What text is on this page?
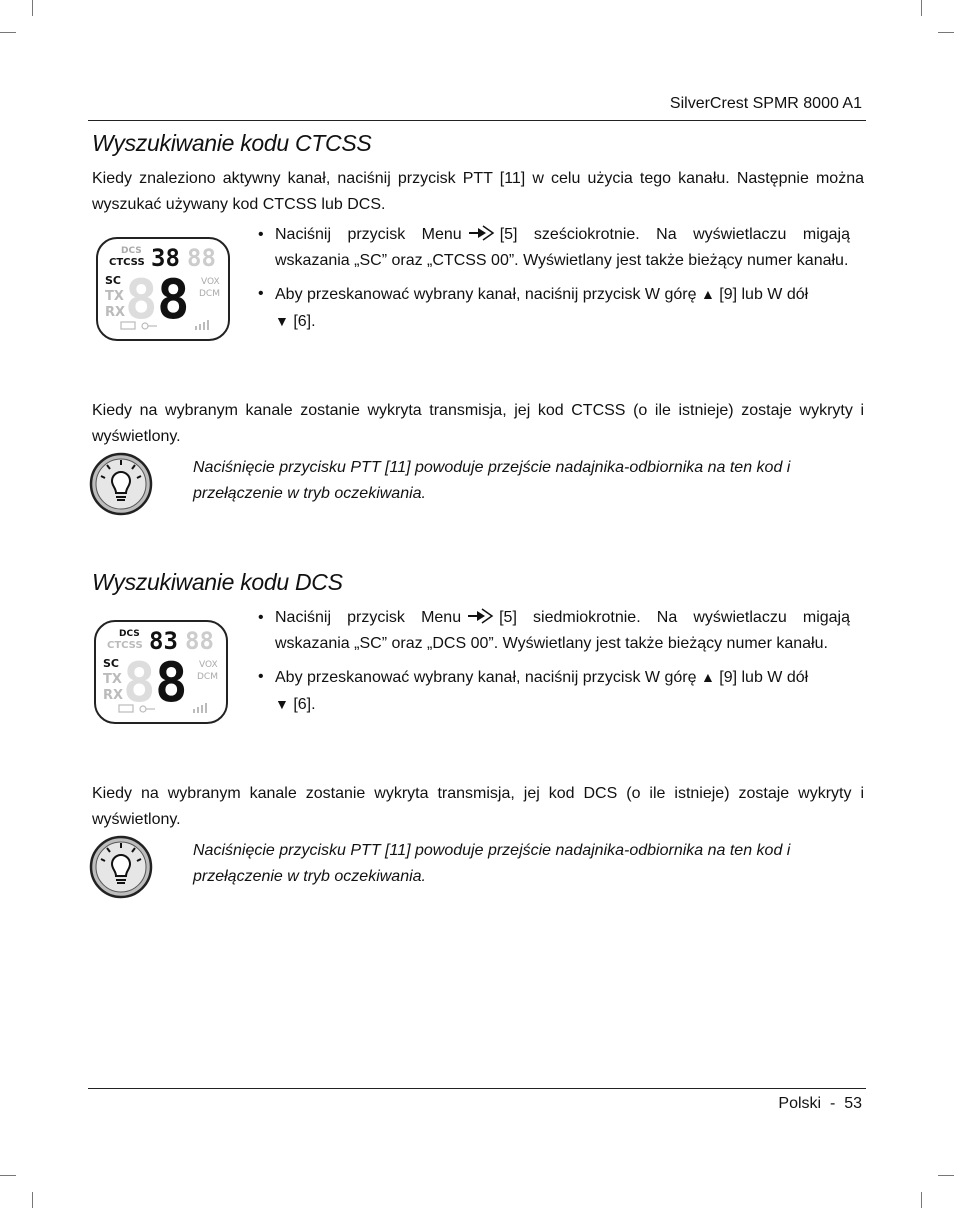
SilverCrest SPMR 8000 A1
Wyszukiwanie kodu CTCSS
Kiedy znaleziono aktywny kanał, naciśnij przycisk PTT [11] w celu użycia tego kanału. Następnie można wyszukać używany kod CTCSS lub DCS.
DCS
CTCSS 38 88
SC
TX
RX 8 8 VOX
DCM
• Naciśnij przycisk Menu [5] sześciokrotnie. Na wyświetlaczu migają wskazania „SC” oraz „CTCSS 00”. Wyświetlany jest także bieżący numer kanału.
• Aby przeskanować wybrany kanał, naciśnij przycisk W górę ▲ [9] lub W dół
▼ [6].
Kiedy na wybranym kanale zostanie wykryta transmisja, jej kod CTCSS (o ile istnieje) zostaje wykryty i wyświetlony.
Naciśnięcie przycisku PTT [11] powoduje przejście nadajnika-odbiornika na ten kod i przełączenie w tryb oczekiwania.
Wyszukiwanie kodu DCS
DCS
CTCSS 83 88
SC
TX
RX 8 8 VOX
DCM
• Naciśnij przycisk Menu [5] siedmiokrotnie. Na wyświetlaczu migają wskazania „SC” oraz „DCS 00”. Wyświetlany jest także bieżący numer kanału.
• Aby przeskanować wybrany kanał, naciśnij przycisk W górę ▲ [9] lub W dół
▼ [6].
Kiedy na wybranym kanale zostanie wykryta transmisja, jej kod DCS (o ile istnieje) zostaje wykryty i wyświetlony.
Naciśnięcie przycisku PTT [11] powoduje przejście nadajnika-odbiornika na ten kod i przełączenie w tryb oczekiwania.
Polski  -  53
